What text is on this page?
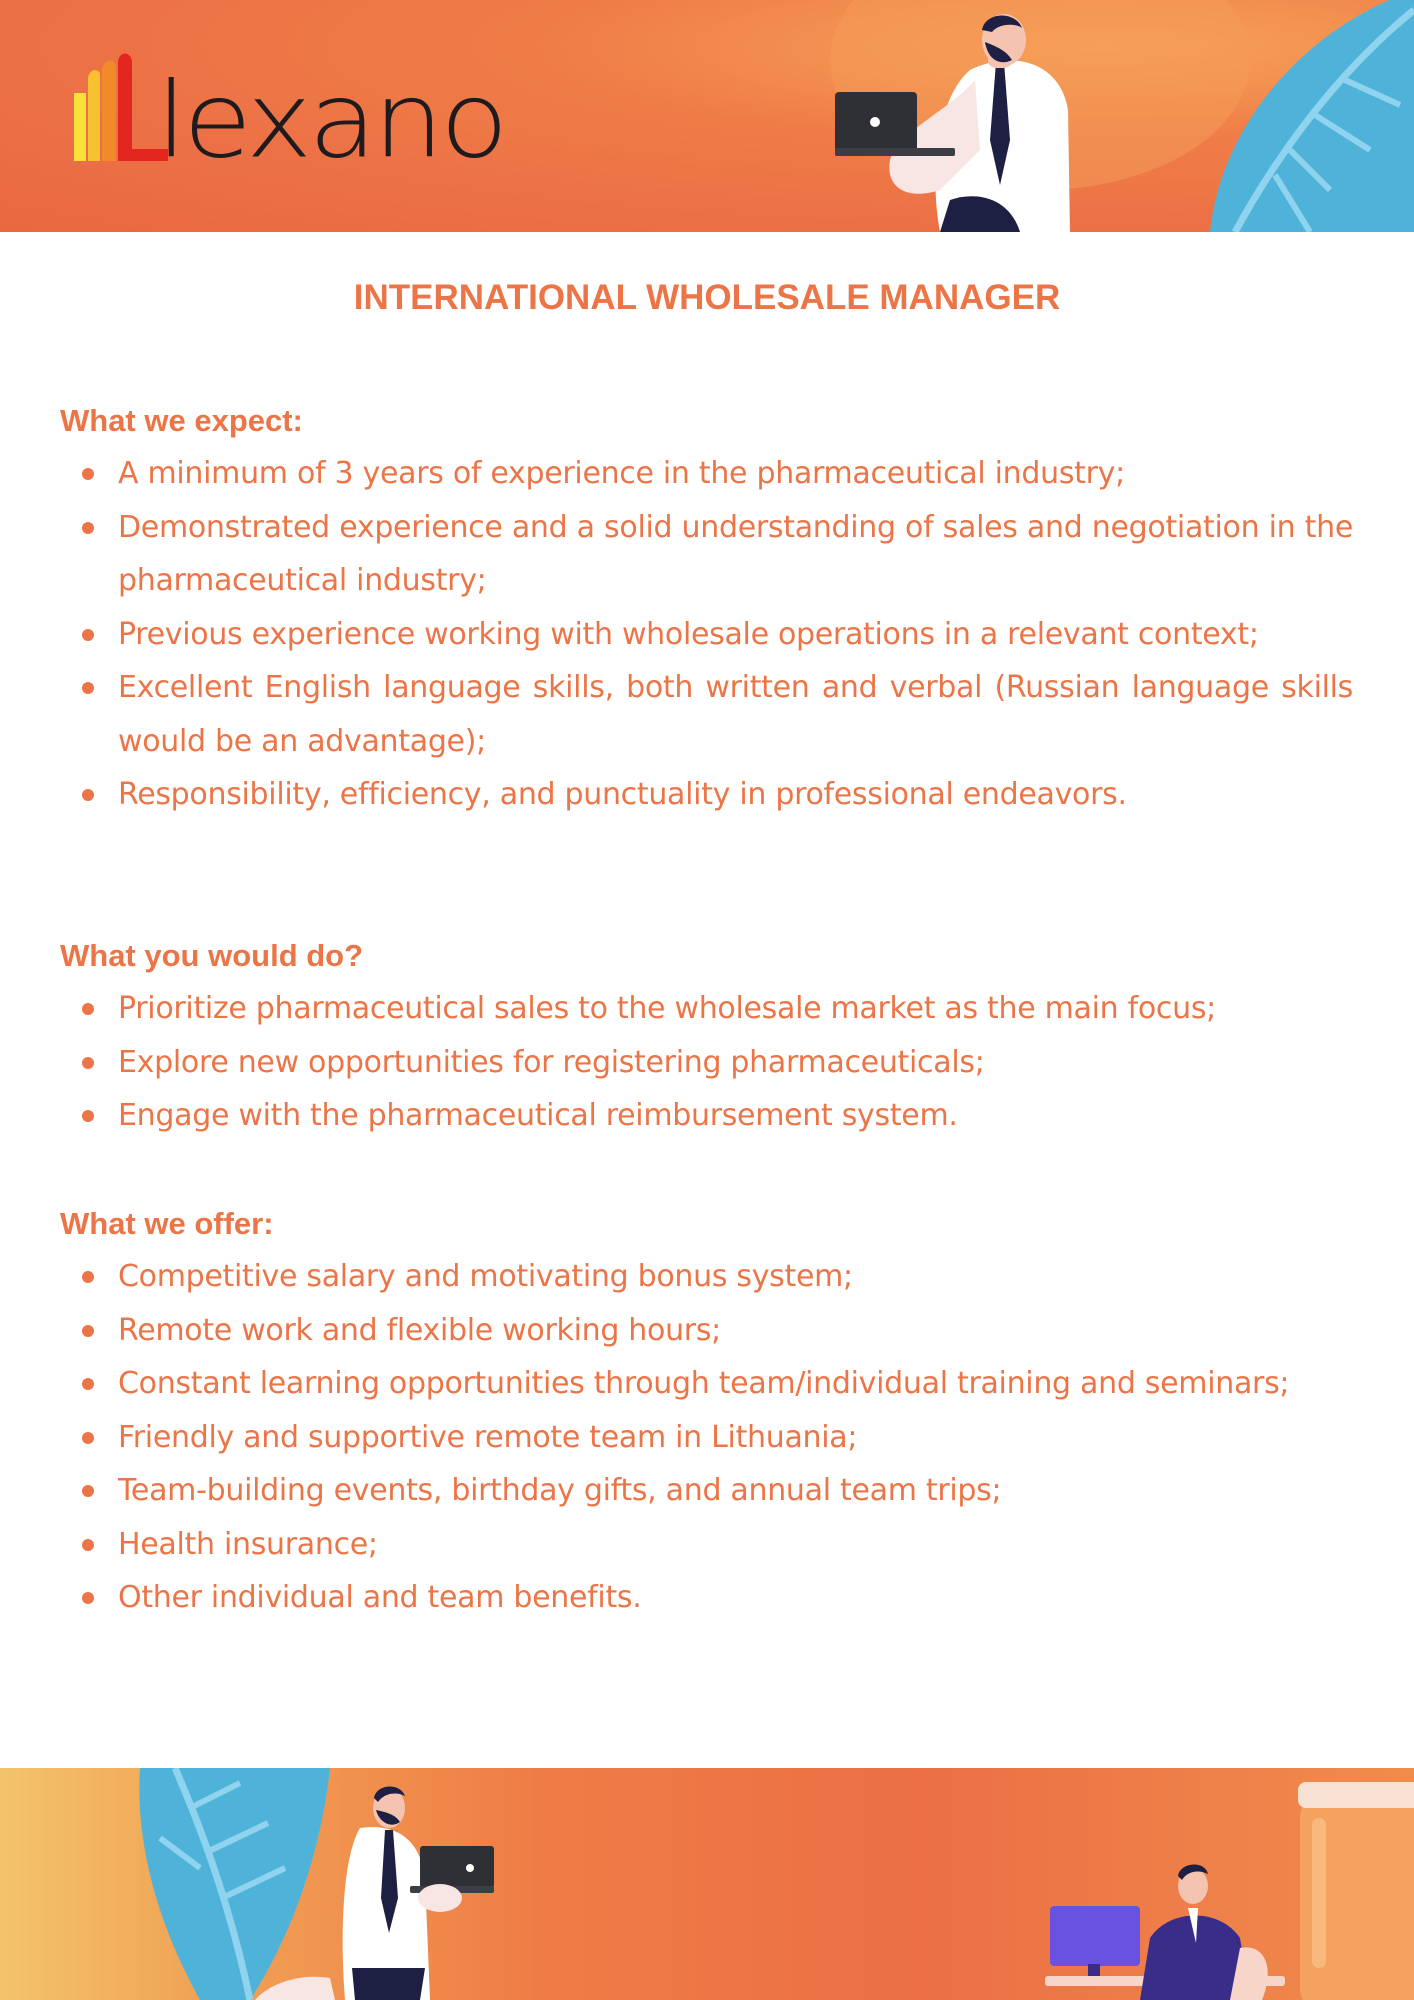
lexano
INTERNATIONAL WHOLESALE MANAGER
What we expect:
A minimum of 3 years of experience in the pharmaceutical industry;
Demonstrated experience and a solid understanding of sales and negotiation in the pharmaceutical industry;
Previous experience working with wholesale operations in a relevant context;
Excellent English language skills, both written and verbal (Russian language skills would be an advantage);
Responsibility, efficiency, and punctuality in professional endeavors.
What you would do?
Prioritize pharmaceutical sales to the wholesale market as the main focus;
Explore new opportunities for registering pharmaceuticals;
Engage with the pharmaceutical reimbursement system.
What we offer:
Competitive salary and motivating bonus system;
Remote work and flexible working hours;
Constant learning opportunities through team/individual training and seminars;
Friendly and supportive remote team in Lithuania;
Team-building events, birthday gifts, and annual team trips;
Health insurance;
Other individual and team benefits.
